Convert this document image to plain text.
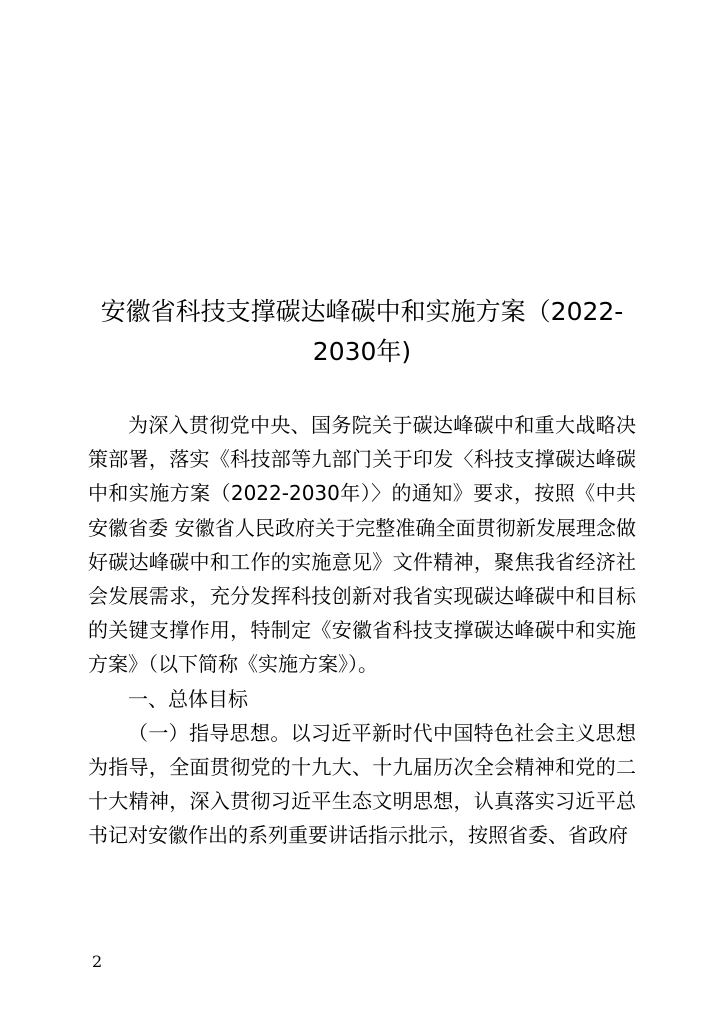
安徽省科技支撑碳达峰碳中和实施方案（2022-2030年)

为深入贯彻党中央、国务院关于碳达峰碳中和重大战略决策部署，落实《科技部等九部门关于印发〈科技支撑碳达峰碳中和实施方案（2022-2030年）〉的通知》要求，按照《中共安徽省委 安徽省人民政府关于完整准确全面贯彻新发展理念做好碳达峰碳中和工作的实施意见》文件精神，聚焦我省经济社会发展需求，充分发挥科技创新对我省实现碳达峰碳中和目标的关键支撑作用，特制定《安徽省科技支撑碳达峰碳中和实施方案》（以下简称《实施方案》）。

一、总体目标

（一）指导思想。以习近平新时代中国特色社会主义思想为指导，全面贯彻党的十九大、十九届历次全会精神和党的二十大精神，深入贯彻习近平生态文明思想，认真落实习近平总书记对安徽作出的系列重要讲话指示批示，按照省委、省政府

2
